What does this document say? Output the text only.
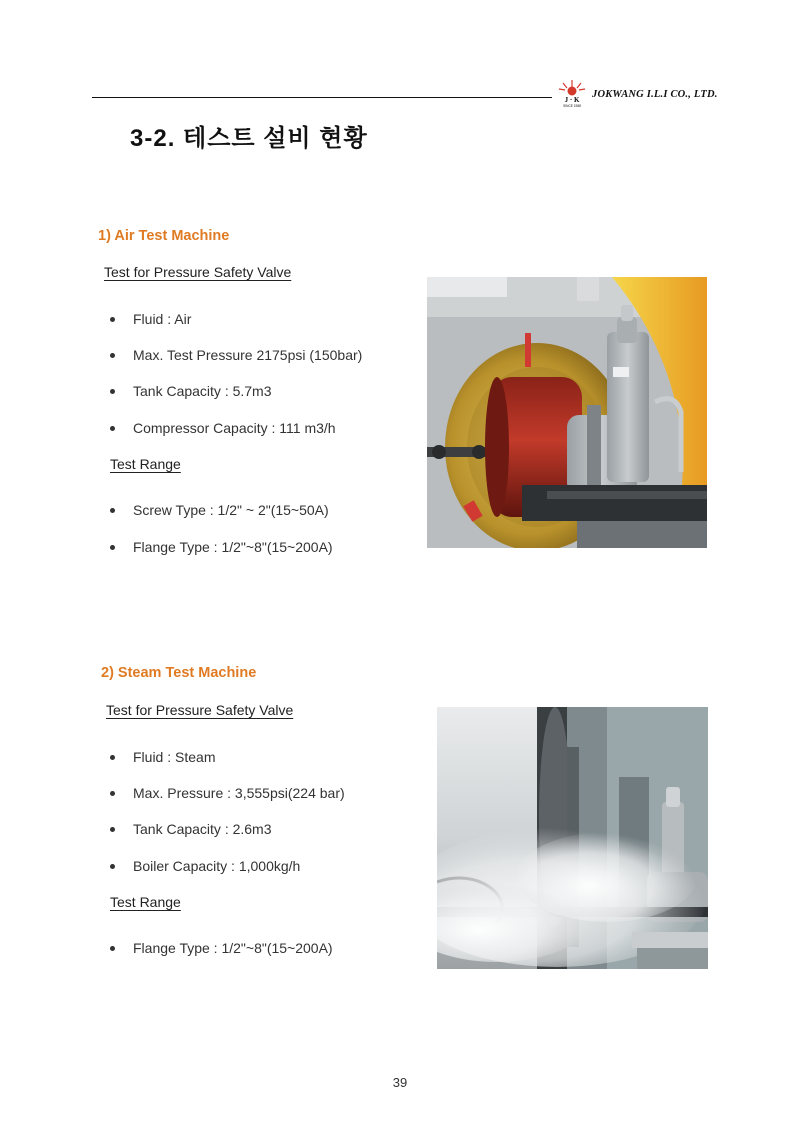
J · K
SINCE 1988
JOKWANG I.L.I CO., LTD.
3-2. 테스트 설비 현황
1) Air Test Machine
Test for Pressure Safety Valve
Fluid : Air
Max. Test Pressure 2175psi (150bar)
Tank Capacity : 5.7m3
Compressor Capacity : 111 m3/h
Test Range
Screw Type : 1/2" ~ 2"(15~50A)
Flange Type : 1/2"~8"(15~200A)
2) Steam Test Machine
Test for Pressure Safety Valve
Fluid : Steam
Max. Pressure : 3,555psi(224 bar)
Tank Capacity : 2.6m3
Boiler Capacity : 1,000kg/h
Test Range
Flange Type : 1/2"~8"(15~200A)
39
